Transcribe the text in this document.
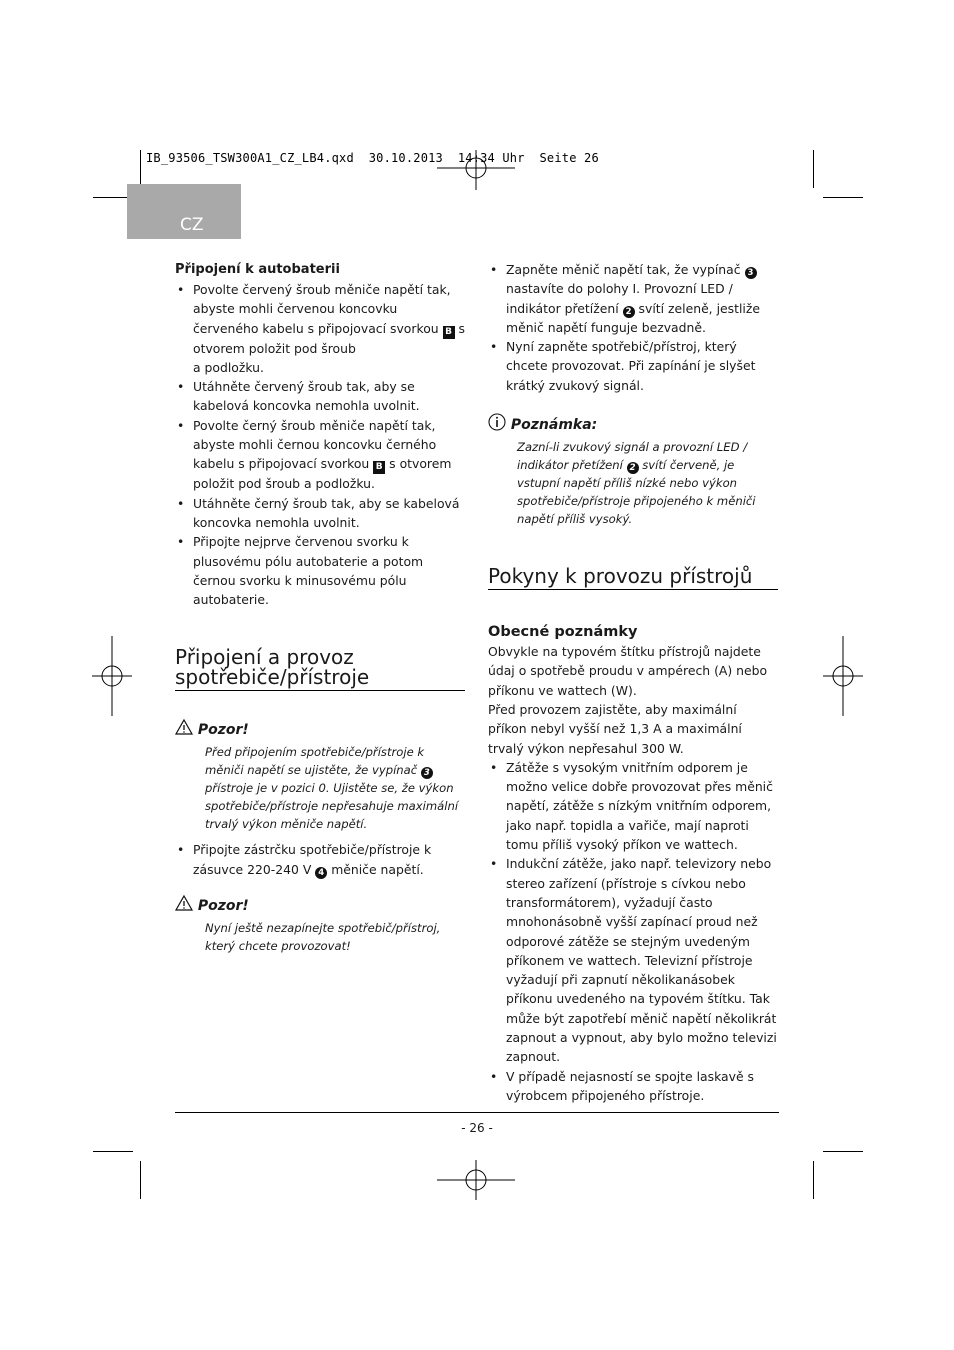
IB_93506_TSW300A1_CZ_LB4.qxd  30.10.2013  14:34 Uhr  Seite 26
CZ

Připojení k autobaterii

• Povolte červený šroub měniče napětí tak, abyste mohli červenou koncovku červeného kabelu s připojovací svorkou B s otvorem položit pod šroub
a podložku.
• Utáhněte červený šroub tak, aby se kabelová koncovka nemohla uvolnit.
• Povolte černý šroub měniče napětí tak, abyste mohli černou koncovku černého kabelu s připojovací svorkou B s otvorem položit pod šroub a podložku.
• Utáhněte černý šroub tak, aby se kabelová koncovka nemohla uvolnit.
• Připojte nejprve červenou svorku k plusovému pólu autobaterie a potom černou svorku k minusovému pólu autobaterie.
Připojení a provoz
spotřebiče/přístroje
Pozor!

Před připojením spotřebiče/přístroje k měniči napětí se ujistěte, že vypínač 3 přístroje je v pozici 0. Ujistěte se, že výkon spotřebiče/přístroje nepřesahuje maximální trvalý výkon měniče napětí.

• Připojte zástrčku spotřebiče/přístroje k zásuvce 220-240 V 4 měniče napětí.
Pozor!

Nyní ještě nezapínejte spotřebič/přístroj, který chcete provozovat!

• Zapněte měnič napětí tak, že vypínač 3 nastavíte do polohy I. Provozní LED / indikátor přetížení 2 svítí zeleně, jestliže měnič napětí funguje bezvadně.
• Nyní zapněte spotřebič/přístroj, který chcete provozovat. Při zapínání je slyšet krátký zvukový signál.
Poznámka:

Zazní-li zvukový signál a provozní LED / indikátor přetížení 2 svítí červeně, je vstupní napětí příliš nízké nebo výkon spotřebiče/přístroje připojeného k měniči napětí příliš vysoký.

Pokyny k provozu přístrojů

Obecné poznámky

Obvykle na typovém štítku přístrojů najdete údaj o spotřebě proudu v ampérech (A) nebo příkonu ve wattech (W).

Před provozem zajistěte, aby maximální příkon nebyl vyšší než 1,3 A a maximální trvalý výkon nepřesahul 300 W.

• Zátěže s vysokým vnitřním odporem je možno velice dobře provozovat přes měnič napětí, zátěže s nízkým vnitřním odporem, jako např. topidla a vařiče, mají naproti tomu příliš vysoký příkon ve wattech.
• Indukční zátěže, jako např. televizory nebo stereo zařízení (přístroje s cívkou nebo transformátorem), vyžadují často mnohonásobně vyšší zapínací proud než odporové zátěže se stejným uvedeným příkonem ve wattech. Televizní přístroje vyžadují při zapnutí několikanásobek příkonu uvedeného na typovém štítku. Tak může být zapotřebí měnič napětí několikrát zapnout a vypnout, aby bylo možno televizi zapnout.
• V případě nejasností se spojte laskavě s výrobcem připojeného přístroje.
- 26 -
